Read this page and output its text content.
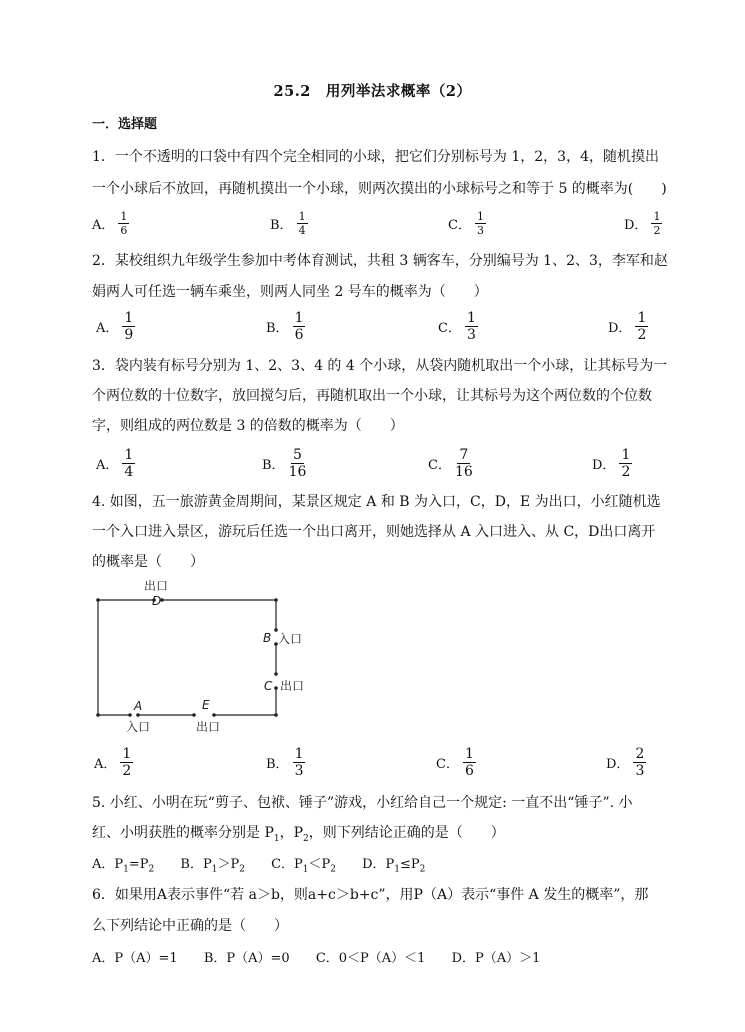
25.2　用列举法求概率（2）
一．选择题
1．一个不透明的口袋中有四个完全相同的小球，把它们分别标号为 1，2，3，4，随机摸出
一个小球后不放回，再随机摸出一个小球，则两次摸出的小球标号之和等于 5 的概率为(　　)
A． $\frac{1}{6}$	B． $\frac{1}{4}$	C． $\frac{1}{3}$	D． $\frac{1}{2}$
2．某校组织九年级学生参加中考体育测试，共租 3 辆客车，分别编号为 1、2、3，李军和赵
娟两人可任选一辆车乘坐，则两人同坐 2 号车的概率为（　　）
A． $\frac{1}{9}$	B． $\frac{1}{6}$	C． $\frac{1}{3}$	D． $\frac{1}{2}$
3．袋内装有标号分别为 1、2、3、4 的 4 个小球，从袋内随机取出一个小球，让其标号为一
个两位数的十位数字，放回搅匀后，再随机取出一个小球，让其标号为这个两位数的个位数
字，则组成的两位数是 3 的倍数的概率为（　　）
A． $\frac{1}{4}$	B． $\frac{5}{16}$	C． $\frac{7}{16}$	D． $\frac{1}{2}$
4. 如图，五一旅游黄金周期间，某景区规定 A 和 B 为入口，C，D，E 为出口，小红随机选
一个入口进入景区，游玩后任选一个出口离开，则她选择从 A 入口进入、从 C，D出口离开
的概率是（　　）
出口
D
B 入口
C 出口
A
入口
E
出口
A． $\frac{1}{2}$	B． $\frac{1}{3}$	C． $\frac{1}{6}$	D． $\frac{2}{3}$
5. 小红、小明在玩“剪子、包袱、锤子”游戏，小红给自己一个规定: 一直不出“锤子”. 小
红、小明获胜的概率分别是 $P_1$，$P_2$，则下列结论正确的是（　　）
A．$P_1=P_2$ B．$P_1>P_2$ C．$P_1<P_2$ D．$P_1\le P_2$
6．如果用A表示事件“若 a＞b，则a+c＞b+c”，用P（A）表示“事件 A 发生的概率”，那
么下列结论中正确的是（　　）
A．P（A）=1 B．P（A）=0 C．0＜P（A）＜1 D．P（A）＞1
